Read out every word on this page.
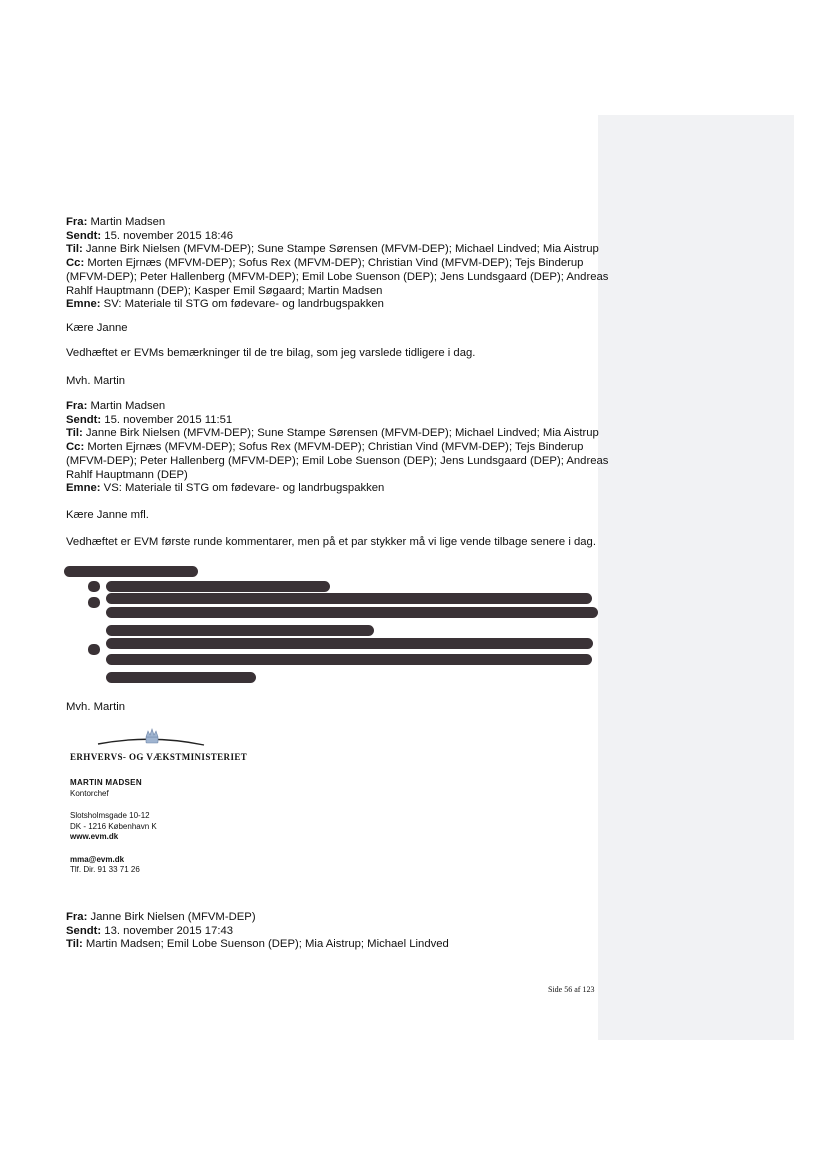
Fra: Martin Madsen
Sendt: 15. november 2015 18:46
Til: Janne Birk Nielsen (MFVM-DEP); Sune Stampe Sørensen (MFVM-DEP); Michael Lindved; Mia Aistrup
Cc: Morten Ejrnæs (MFVM-DEP); Sofus Rex (MFVM-DEP); Christian Vind (MFVM-DEP); Tejs Binderup
(MFVM-DEP); Peter Hallenberg (MFVM-DEP); Emil Lobe Suenson (DEP); Jens Lundsgaard (DEP); Andreas
Rahlf Hauptmann (DEP); Kasper Emil Søgaard; Martin Madsen
Emne: SV: Materiale til STG om fødevare- og landrbugspakken
Kære Janne
Vedhæftet er EVMs bemærkninger til de tre bilag, som jeg varslede tidligere i dag.
Mvh. Martin
Fra: Martin Madsen
Sendt: 15. november 2015 11:51
Til: Janne Birk Nielsen (MFVM-DEP); Sune Stampe Sørensen (MFVM-DEP); Michael Lindved; Mia Aistrup
Cc: Morten Ejrnæs (MFVM-DEP); Sofus Rex (MFVM-DEP); Christian Vind (MFVM-DEP); Tejs Binderup
(MFVM-DEP); Peter Hallenberg (MFVM-DEP); Emil Lobe Suenson (DEP); Jens Lundsgaard (DEP); Andreas
Rahlf Hauptmann (DEP)
Emne: VS: Materiale til STG om fødevare- og landrbugspakken
Kære Janne mfl.
Vedhæftet er EVM første runde kommentarer, men på et par stykker må vi lige vende tilbage senere i dag.
Mvh. Martin
ERHVERVS- OG VÆKSTMINISTERIET
MARTIN MADSEN
Kontorchef
Slotsholmsgade 10-12
DK - 1216 København K
www.evm.dk
mma@evm.dk
Tlf. Dir. 91 33 71 26
Fra: Janne Birk Nielsen (MFVM-DEP)
Sendt: 13. november 2015 17:43
Til: Martin Madsen; Emil Lobe Suenson (DEP); Mia Aistrup; Michael Lindved
Side 56 af 123
